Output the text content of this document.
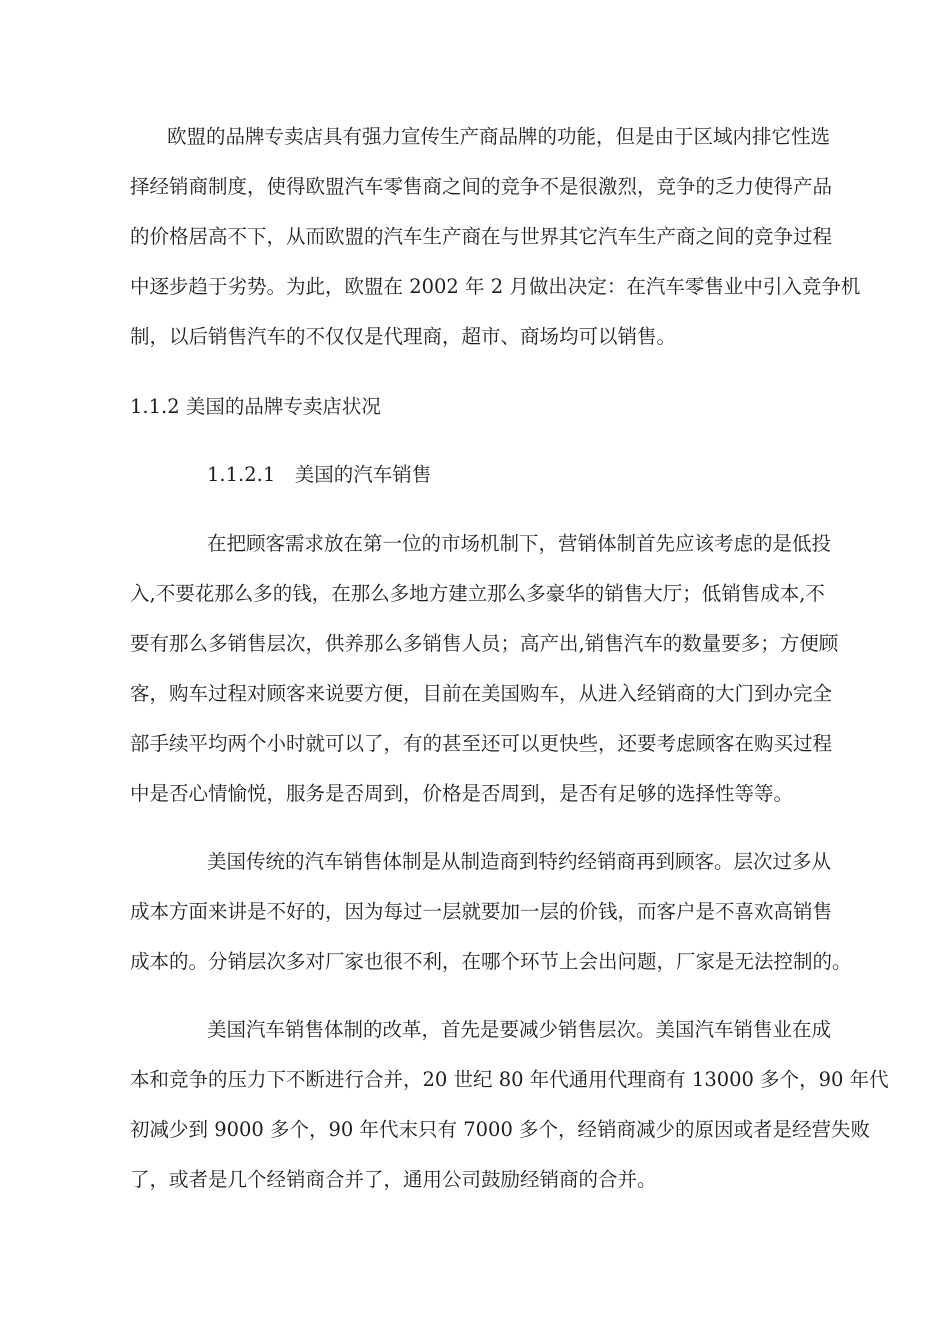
欧盟的品牌专卖店具有强力宣传生产商品牌的功能，但是由于区域内排它性选
择经销商制度，使得欧盟汽车零售商之间的竞争不是很激烈，竞争的乏力使得产品
的价格居高不下，从而欧盟的汽车生产商在与世界其它汽车生产商之间的竞争过程
中逐步趋于劣势。为此，欧盟在 2002 年 2 月做出决定：在汽车零售业中引入竞争机
制，以后销售汽车的不仅仅是代理商，超市、商场均可以销售。
1.1.2 美国的品牌专卖店状况
1.1.2.1　美国的汽车销售
在把顾客需求放在第一位的市场机制下，营销体制首先应该考虑的是低投
入,不要花那么多的钱，在那么多地方建立那么多豪华的销售大厅；低销售成本,不
要有那么多销售层次，供养那么多销售人员；高产出,销售汽车的数量要多；方便顾
客，购车过程对顾客来说要方便，目前在美国购车，从进入经销商的大门到办完全
部手续平均两个小时就可以了，有的甚至还可以更快些，还要考虑顾客在购买过程
中是否心情愉悦，服务是否周到，价格是否周到，是否有足够的选择性等等。
美国传统的汽车销售体制是从制造商到特约经销商再到顾客。层次过多从
成本方面来讲是不好的，因为每过一层就要加一层的价钱，而客户是不喜欢高销售
成本的。分销层次多对厂家也很不利，在哪个环节上会出问题，厂家是无法控制的。
美国汽车销售体制的改革，首先是要减少销售层次。美国汽车销售业在成
本和竞争的压力下不断进行合并，20 世纪 80 年代通用代理商有 13000 多个，90 年代
初减少到 9000 多个，90 年代末只有 7000 多个，经销商减少的原因或者是经营失败
了，或者是几个经销商合并了，通用公司鼓励经销商的合并。
